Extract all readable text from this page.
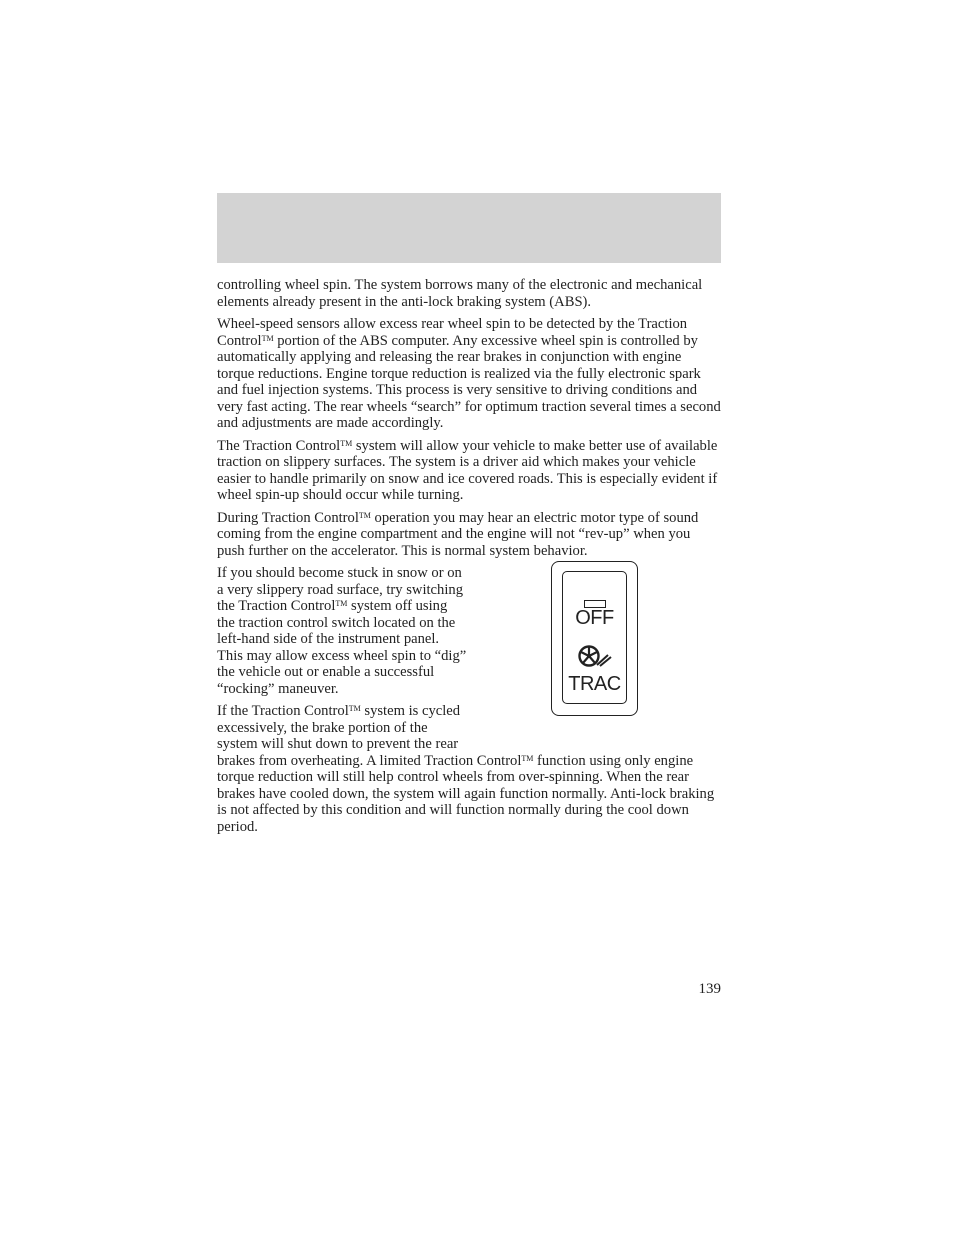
controlling wheel spin. The system borrows many of the electronic and mechanical elements already present in the anti-lock braking system (ABS).

Wheel-speed sensors allow excess rear wheel spin to be detected by the Traction Control™ portion of the ABS computer. Any excessive wheel spin is controlled by automatically applying and releasing the rear brakes in conjunction with engine torque reductions. Engine torque reduction is realized via the fully electronic spark and fuel injection systems. This process is very sensitive to driving conditions and very fast acting. The rear wheels “search” for optimum traction several times a second and adjustments are made accordingly.

The Traction Control™ system will allow your vehicle to make better use of available traction on slippery surfaces. The system is a driver aid which makes your vehicle easier to handle primarily on snow and ice covered roads. This is especially evident if wheel spin-up should occur while turning.

During Traction Control™ operation you may hear an electric motor type of sound coming from the engine compartment and the engine will not “rev-up” when you push further on the accelerator. This is normal system behavior.

OFF
TRAC

If you should become stuck in snow or on a very slippery road surface, try switching the Traction Control™ system off using the traction control switch located on the left-hand side of the instrument panel. This may allow excess wheel spin to “dig” the vehicle out or enable a successful “rocking” maneuver.

If the Traction Control™ system is cycled excessively, the brake portion of the system will shut down to prevent the rear brakes from overheating. A limited Traction Control™ function using only engine torque reduction will still help control wheels from over-spinning. When the rear brakes have cooled down, the system will again function normally. Anti-lock braking is not affected by this condition and will function normally during the cool down period.

139
